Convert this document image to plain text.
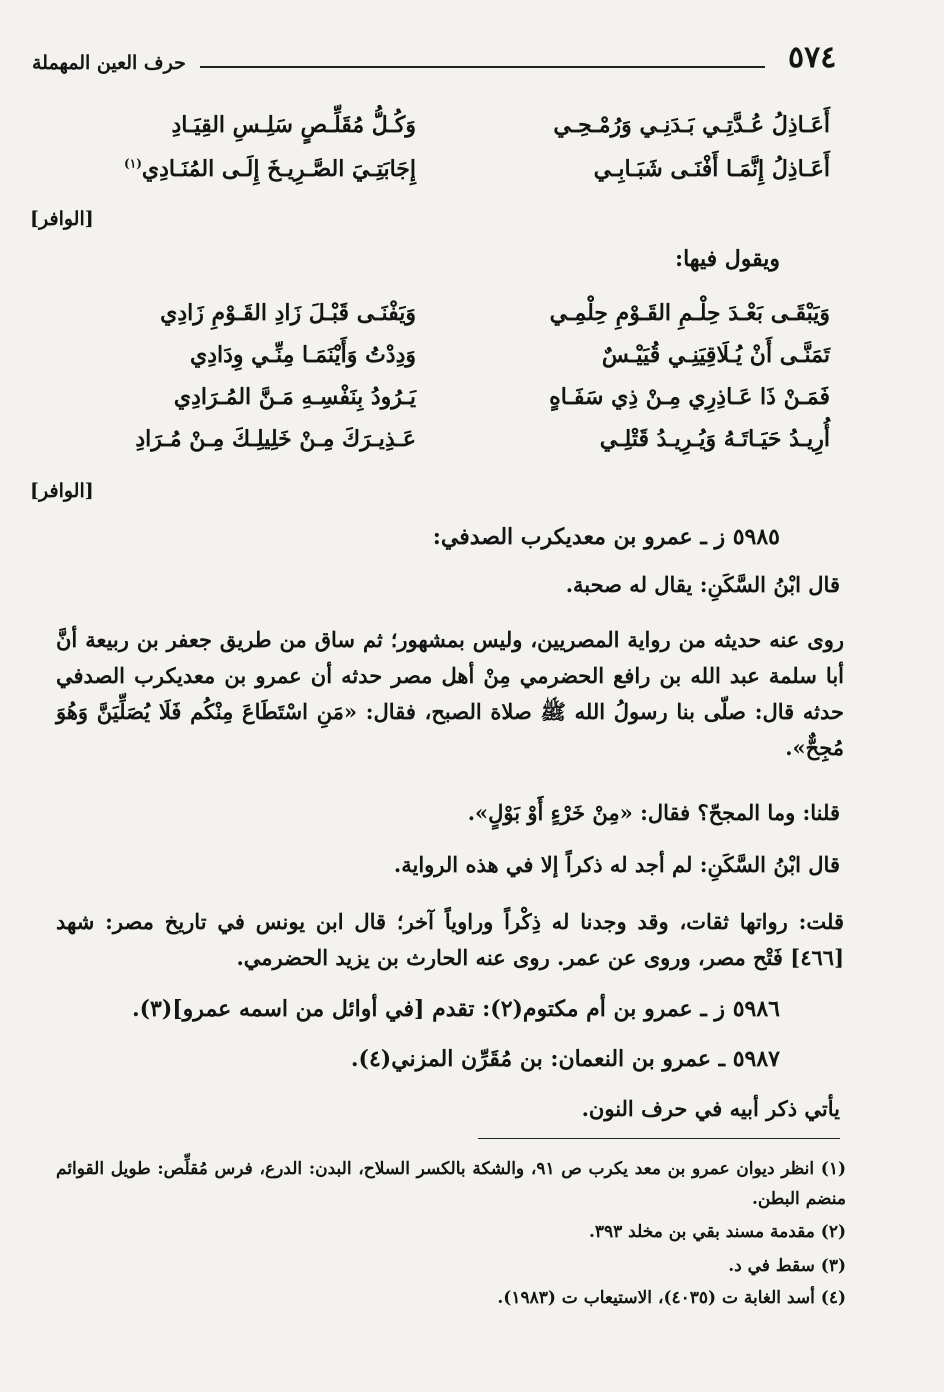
٥٧٤
حرف العين المهملة
أَعَـاذِلُ عُـدَّتِـي بَـدَنِـي وَرُمْـحِـي
وَكُـلُّ مُقَلِّـصٍ سَلِـسِ القِيَـادِ
أَعَـاذِلُ إِنَّمَـا أَفْنَـى شَبَـابِـي
إِجَابَتِـيَ الصَّـرِيـخَ إِلَـى المُنَـادِي$^{(١)}$
[الوافر]
ويقول فيها:
وَيَبْقَـى بَعْـدَ حِلْـمِ القَـوْمِ حِلْمِـي
وَيَفْنَـى قَبْـلَ زَادِ القَـوْمِ زَادِي
تَمَنَّـى أَنْ يُـلَاقِيَنِـي قُيَيْـسٌ
وَدِدْتُ وَأَيْنَمَـا مِنِّـي وِدَادِي
فَمَـنْ ذَا عَـاذِرِي مِـنْ ذِي سَفَـاهٍ
يَـرُودُ بِنَفْسِـهِ مَـنَّ المُـرَادِي
أُرِيـدُ حَيَـاتَـهُ وَيُـرِيـدُ قَتْلِـي
عَـذِيـرَكَ مِـنْ خَلِيلِـكَ مِـنْ مُـرَادِ
[الوافر]
٥٩٨٥ ز ـ عمرو بن معديكرب الصدفي:
قال ابْنُ السَّكَنِ: يقال له صحبة.
روى عنه حديثه من رواية المصريين، وليس بمشهور؛ ثم ساق من طريق جعفر بن ربيعة أنَّ أبا سلمة عبد الله بن رافع الحضرمي مِنْ أهل مصر حدثه أن عمرو بن معديكرب الصدفي حدثه قال: صلّى بنا رسولُ الله ﷺ صلاة الصبح، فقال: «مَنِ اسْتَطَاعَ مِنْكُم فَلَا يُصَلِّيَنَّ وَهُوَ مُجِحٌّ».
قلنا: وما المجحّ؟ فقال: «مِنْ خَرْءٍ أَوْ بَوْلٍ».
قال ابْنُ السَّكَنِ: لم أجد له ذكراً إلا في هذه الرواية.
قلت: رواتها ثقات، وقد وجدنا له ذِكْراً وراوياً آخر؛ قال ابن يونس في تاريخ مصر: شهد [٤٦٦] فَتْح مصر، وروى عن عمر. روى عنه الحارث بن يزيد الحضرمي.
٥٩٨٦ ز ـ عمرو بن أم مكتوم(٢): تقدم [في أوائل من اسمه عمرو](٣).
٥٩٨٧ ـ عمرو بن النعمان: بن مُقَرِّن المزني(٤).
يأتي ذكر أبيه في حرف النون.
(١) انظر ديوان عمرو بن معد يكرب ص ٩١، والشكة بالكسر السلاح، البدن: الدرع، فرس مُقلِّص: طويل القوائم منضم البطن.
(٢) مقدمة مسند بقي بن مخلد ٣٩٣.
(٣) سقط في د.
(٤) أسد الغابة ت (٤٠٣٥)، الاستيعاب ت (١٩٨٣).
